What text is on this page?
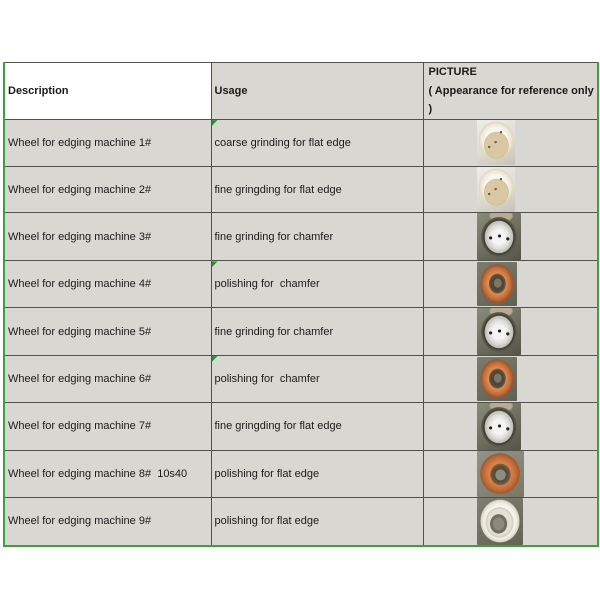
Description	Usage	PICTURE
( Appearance for reference only )

Wheel for edging machine 1#	coarse grinding for flat edge	

Wheel for edging machine 2#	fine gringding for flat edge	

Wheel for edging machine 3#	fine grinding for chamfer	

Wheel for edging machine 4#	polishing for  chamfer	

Wheel for edging machine 5#	fine grinding for chamfer	

Wheel for edging machine 6#	polishing for  chamfer	

Wheel for edging machine 7#	fine gringding for flat edge	

Wheel for edging machine 8#  10s40	polishing for flat edge	

Wheel for edging machine 9#	polishing for flat edge	
